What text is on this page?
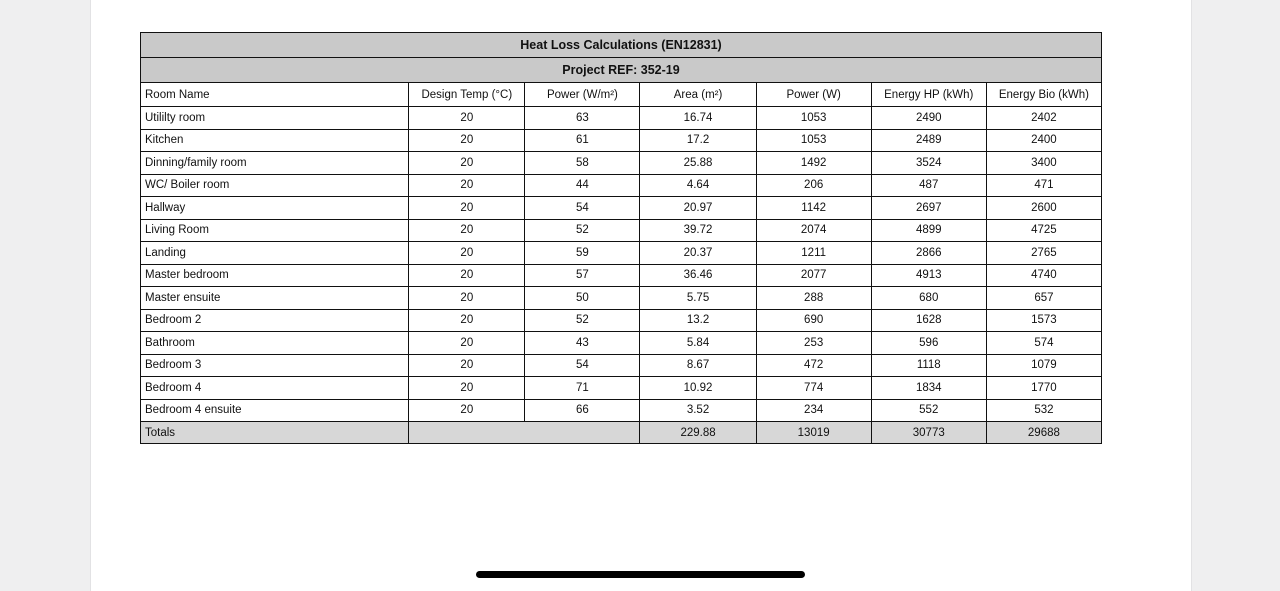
Heat Loss Calculations (EN12831)						
Project REF: 352-19						
Room Name	Design Temp (°C)	Power (W/m²)	Area (m²)	Power (W)	Energy HP (kWh)	Energy Bio (kWh)
Utililty room	20	63	16.74	1053	2490	2402
Kitchen	20	61	17.2	1053	2489	2400
Dinning/family room	20	58	25.88	1492	3524	3400
WC/ Boiler room	20	44	4.64	206	487	471
Hallway	20	54	20.97	1142	2697	2600
Living Room	20	52	39.72	2074	4899	4725
Landing	20	59	20.37	1211	2866	2765
Master bedroom	20	57	36.46	2077	4913	4740
Master ensuite	20	50	5.75	288	680	657
Bedroom 2	20	52	13.2	690	1628	1573
Bathroom	20	43	5.84	253	596	574
Bedroom 3	20	54	8.67	472	1118	1079
Bedroom 4	20	71	10.92	774	1834	1770
Bedroom 4 ensuite	20	66	3.52	234	552	532
Totals			229.88	13019	30773	29688
